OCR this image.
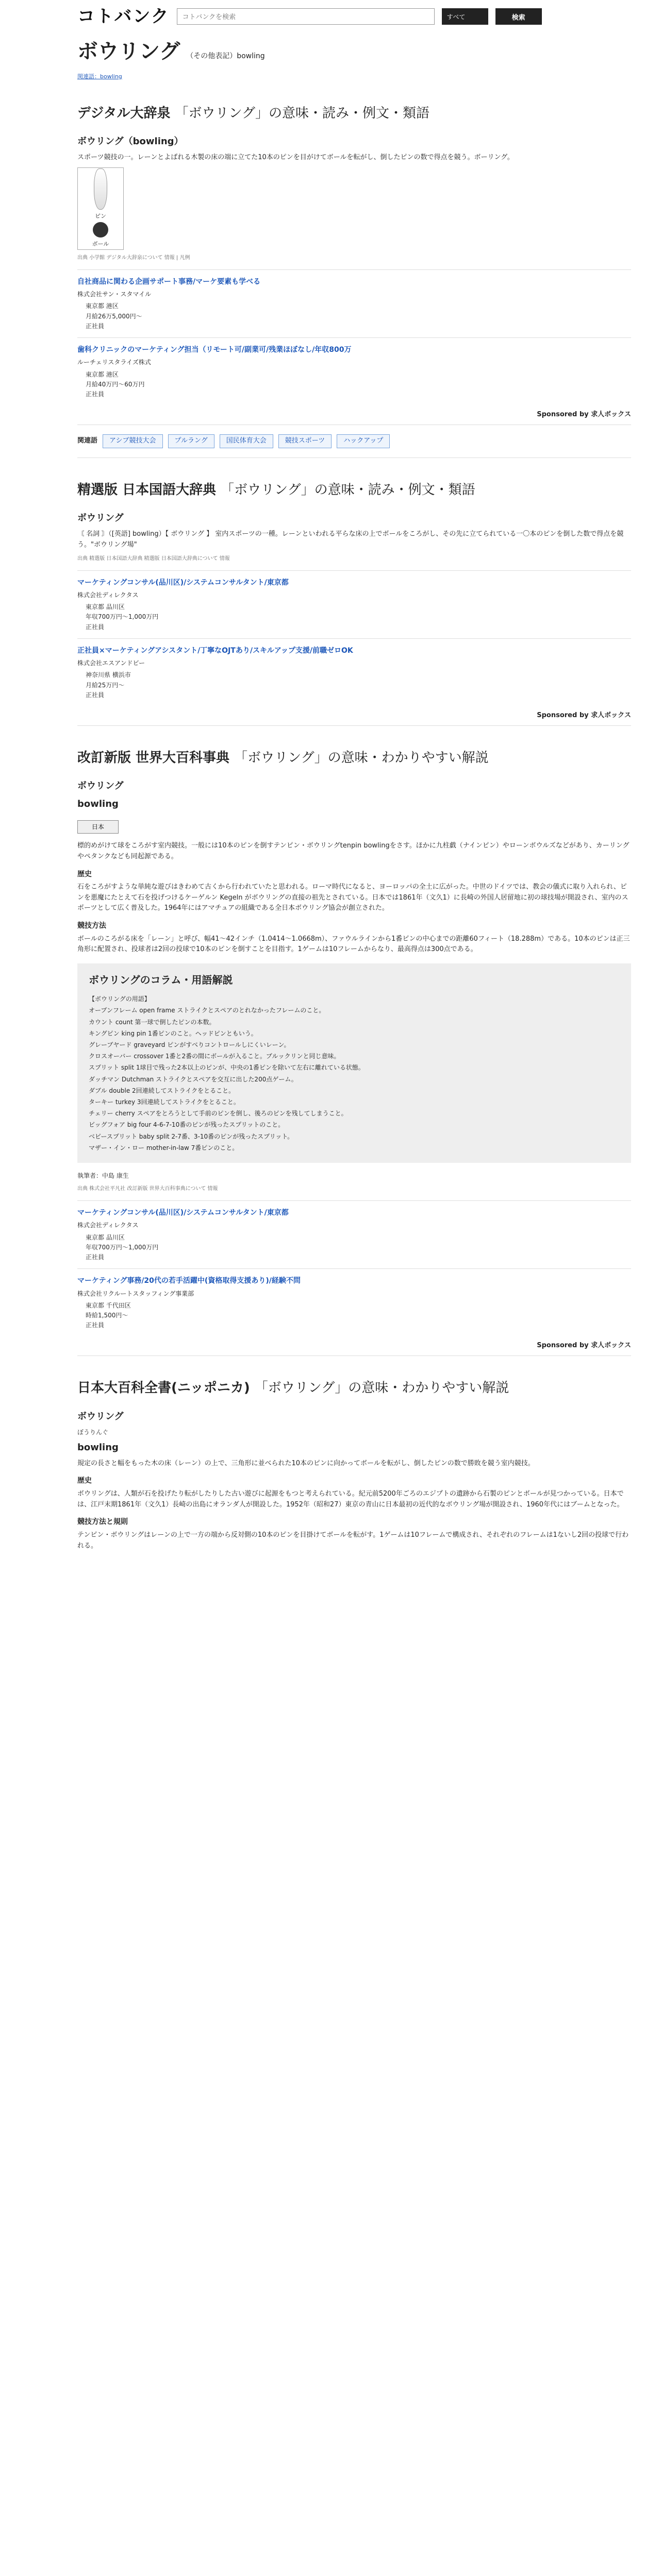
コトバンク
コトバンクを検索	すべて	検索
ボウリング （その他表記）bowling
関連語：bowling
デジタル大辞泉 「ボウリング」の意味・読み・例文・類語
ボウリング（bowling）

スポーツ競技の一。レーンとよばれる木製の床の端に立てた10本のピンを目がけてボールを転がし、倒したピンの数で得点を競う。ボーリング。

ピン
ボール
出典 小学館 デジタル大辞泉について 情報 | 凡例
自社商品に関わる企画サポート事務/マーケ要素も学べる
株式会社サン・スタマイル
東京都 港区
月給26万5,000円〜
正社員
歯科クリニックのマーケティング担当（リモート可/副業可/残業ほぼなし/年収800万
ルーチェリスタライズ株式
東京都 港区
月給40万円〜60万円
正社員
Sponsored by 求人ボックス
関連語	アシブ競技大会	プルラング	国民体育大会	競技スポーツ	ハックアップ
精選版 日本国語大辞典 「ボウリング」の意味・読み・例文・類語
ボウリング

〘 名詞 〙（[英語] bowling）【 ボウリング 】 室内スポーツの一種。レーンといわれる平らな床の上でボールをころがし、その先に立てられている一〇本のピンを倒した数で得点を競う。"ボウリング場"

出典 精選版 日本国語大辞典 精選版 日本国語大辞典について 情報
マーケティングコンサル(品川区)/システムコンサルタント/東京都
株式会社ディレクタス
東京都 品川区
年収700万円〜1,000万円
正社員
正社員×マーケティングアシスタント/丁寧なOJTあり/スキルアップ支援/前職ゼロOK
株式会社エスアンドビー
神奈川県 横浜市
月給25万円〜
正社員
Sponsored by 求人ボックス
改訂新版 世界大百科事典 「ボウリング」の意味・わかりやすい解説
ボウリング
bowling
日本

標的めがけて球をころがす室内競技。一般には10本のピンを倒すテンピン・ボウリングtenpin bowlingをさす。ほかに九柱戯（ナインピン）やローンボウルズなどがあり、カーリングやペタンクなども同起源である。

歴史

石をころがすような単純な遊びはきわめて古くから行われていたと思われる。ローマ時代になると、ヨーロッパの全土に広がった。中世のドイツでは、教会の儀式に取り入れられ、ピンを悪魔にたとえて石を投げつけるケーゲルン Kegeln がボウリングの直接の祖先とされている。日本では1861年（文久1）に長崎の外国人居留地に初の球技場が開設され、室内のスポーツとして広く普及した。1964年にはアマチュアの組織である全日本ボウリング協会が創立された。

競技方法

ボールのころがる床を「レーン」と呼び、幅41〜42インチ（1.0414〜1.0668m）、ファウルラインから1番ピンの中心までの距離60フィート（18.288m）である。10本のピンは正三角形に配置され、投球者は2回の投球で10本のピンを倒すことを目指す。1ゲームは10フレームからなり、最高得点は300点である。

ボウリングのコラム・用語解説
【ボウリングの用語】
オープンフレーム open frame ストライクとスペアのとれなかったフレームのこと。
カウント count 第一球で倒したピンの本数。
キングピン king pin 1番ピンのこと。ヘッドピンともいう。
グレーブヤード graveyard ピンがすべりコントロールしにくいレーン。
クロスオーバー crossover 1番と2番の間にボールが入ること。ブルックリンと同じ意味。
スプリット split 1球目で残った2本以上のピンが、中央の1番ピンを除いて左右に離れている状態。
ダッチマン Dutchman ストライクとスペアを交互に出した200点ゲーム。
ダブル double 2回連続してストライクをとること。
ターキー turkey 3回連続してストライクをとること。
チェリー cherry スペアをとろうとして手前のピンを倒し、後ろのピンを残してしまうこと。
ビッグフォア big four 4-6-7-10番のピンが残ったスプリットのこと。
ベビースプリット baby split 2-7番、3-10番のピンが残ったスプリット。
マザー・イン・ロー mother-in-law 7番ピンのこと。
執筆者：中島 康生
出典 株式会社平凡社 改訂新版 世界大百科事典について 情報
マーケティングコンサル(品川区)/システムコンサルタント/東京都
株式会社ディレクタス
東京都 品川区
年収700万円〜1,000万円
正社員
マーケティング事務/20代の若手活躍中(資格取得支援あり)/経験不問
株式会社リクルートスタッフィング事業部
東京都 千代田区
時給1,500円〜
正社員
Sponsored by 求人ボックス
日本大百科全書(ニッポニカ) 「ボウリング」の意味・わかりやすい解説
ボウリング
ぼうりんぐ
bowling

規定の長さと幅をもった木の床（レーン）の上で、三角形に並べられた10本のピンに向かってボールを転がし、倒したピンの数で勝敗を競う室内競技。

歴史

ボウリングは、人類が石を投げたり転がしたりした古い遊びに起源をもつと考えられている。紀元前5200年ごろのエジプトの遺跡から石製のピンとボールが見つかっている。日本では、江戸末期1861年（文久1）長崎の出島にオランダ人が開設した。1952年（昭和27）東京の青山に日本最初の近代的なボウリング場が開設され、1960年代にはブームとなった。

競技方法と規則

テンピン・ボウリングはレーンの上で一方の端から反対側の10本のピンを目掛けてボールを転がす。1ゲームは10フレームで構成され、それぞれのフレームは1ないし2回の投球で行われる。
